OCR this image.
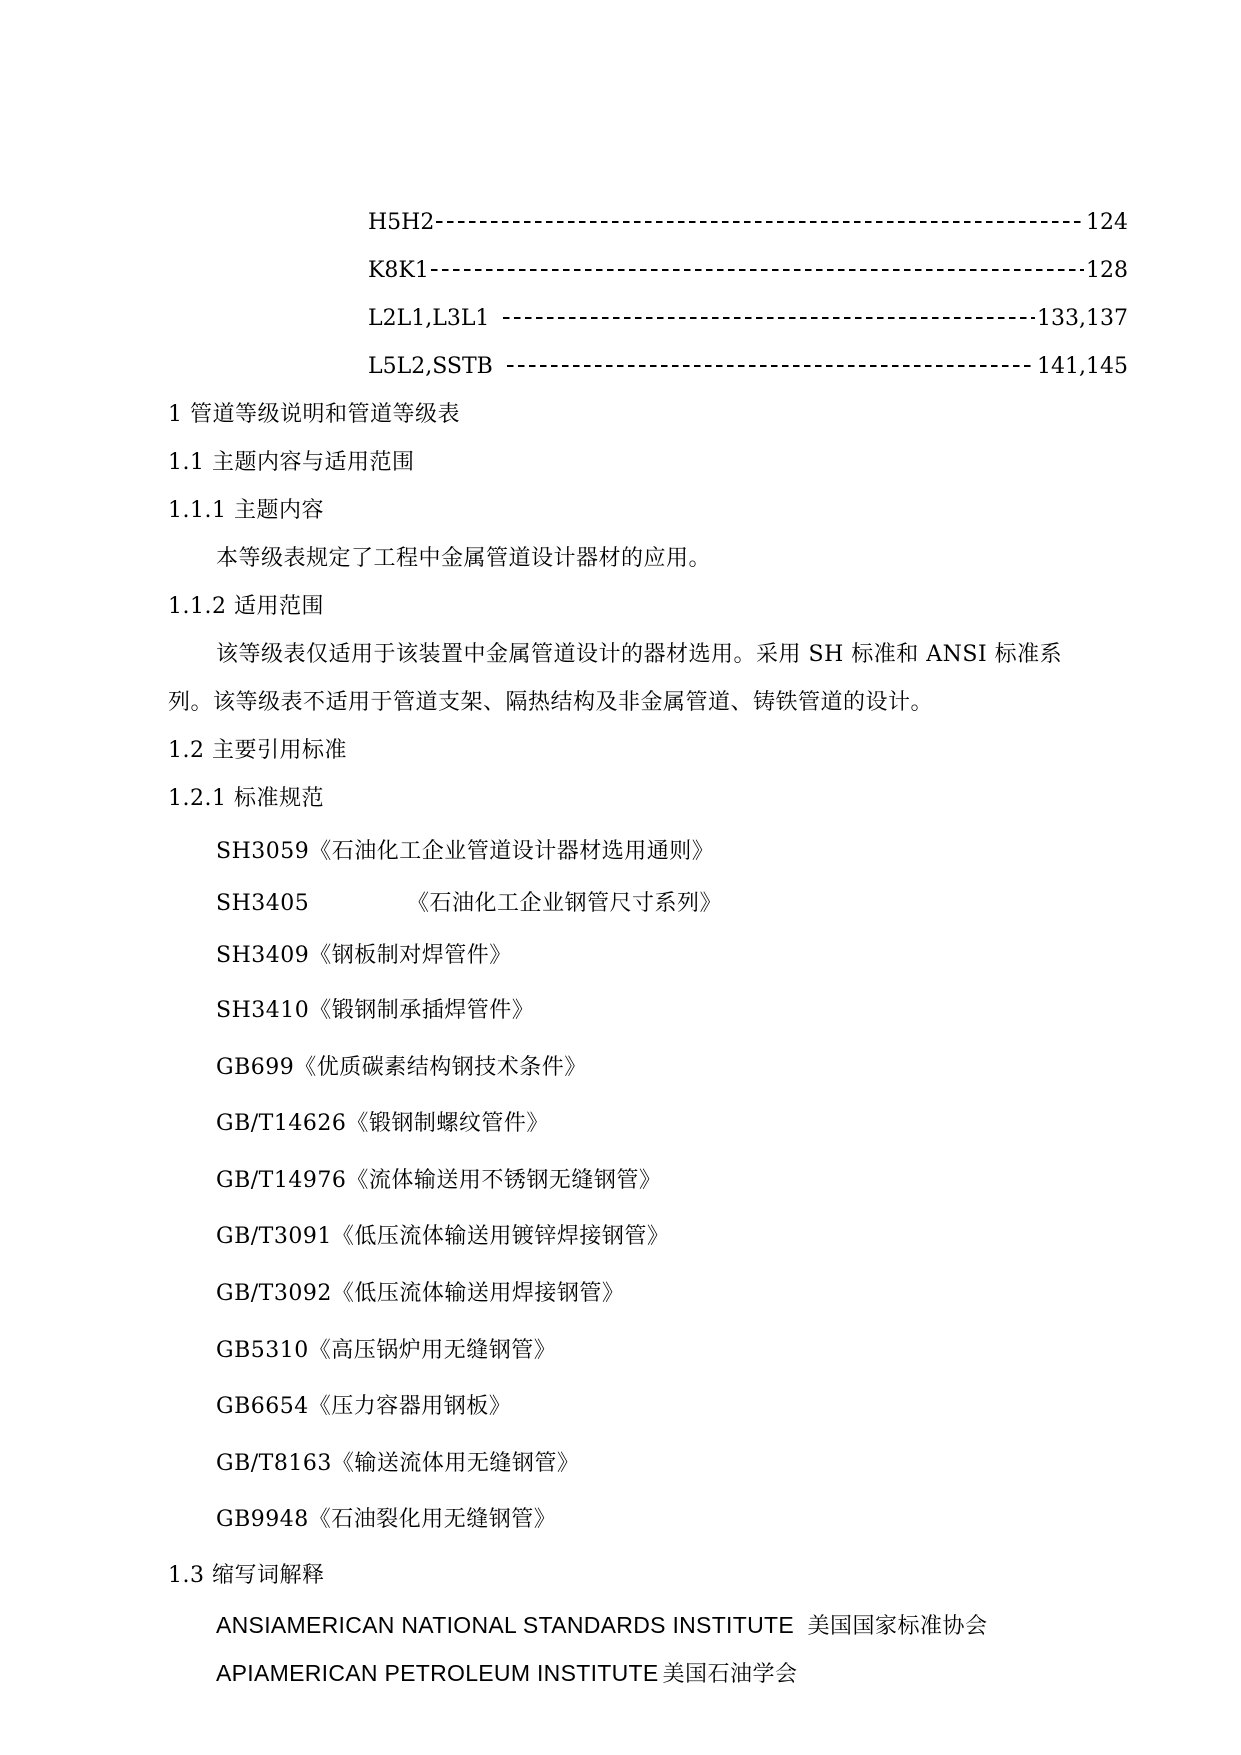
H5H2	124
K8K1	128
L2L1,L3L1	133,137
L5L2,SSTB	141,145
1 管道等级说明和管道等级表
1.1 主题内容与适用范围
1.1.1 主题内容
本等级表规定了工程中金属管道设计器材的应用。
1.1.2 适用范围
该等级表仅适用于该装置中金属管道设计的器材选用。采用 SH 标准和 ANSI 标准系
列。该等级表不适用于管道支架、隔热结构及非金属管道、铸铁管道的设计。
1.2 主要引用标准
1.2.1 标准规范
SH3059《石油化工企业管道设计器材选用通则》
SH3405	《石油化工企业钢管尺寸系列》
SH3409《钢板制对焊管件》
SH3410《锻钢制承插焊管件》
GB699《优质碳素结构钢技术条件》
GB/T14626《锻钢制螺纹管件》
GB/T14976《流体输送用不锈钢无缝钢管》
GB/T3091《低压流体输送用镀锌焊接钢管》
GB/T3092《低压流体输送用焊接钢管》
GB5310《高压锅炉用无缝钢管》
GB6654《压力容器用钢板》
GB/T8163《输送流体用无缝钢管》
GB9948《石油裂化用无缝钢管》
1.3 缩写词解释
ANSIAMERICAN NATIONAL STANDARDS INSTITUTE 美国国家标准协会
APIAMERICAN PETROLEUM INSTITUTE 美国石油学会
